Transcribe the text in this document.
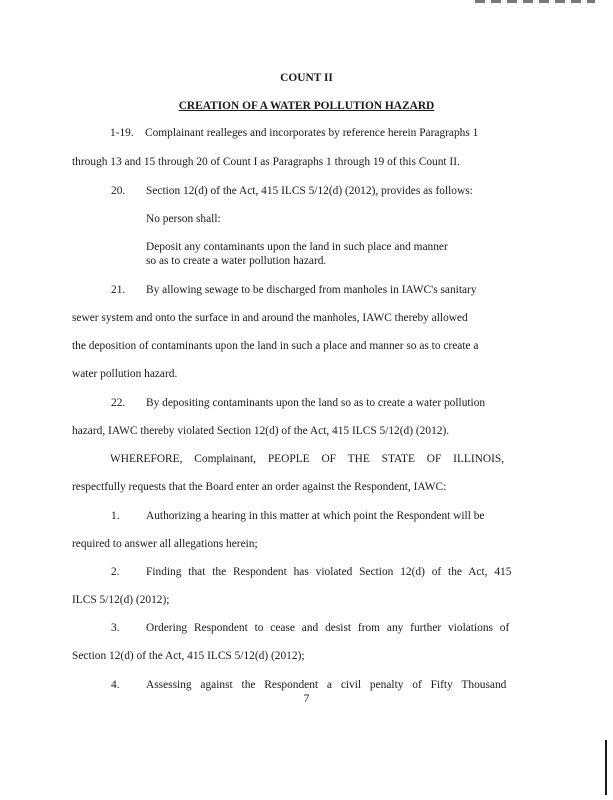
COUNT II
CREATION OF A WATER POLLUTION HAZARD
1-19. Complainant realleges and incorporates by reference herein Paragraphs 1
through 13 and 15 through 20 of Count I as Paragraphs 1 through 19 of this Count II.
20. Section 12(d) of the Act, 415 ILCS 5/12(d) (2012), provides as follows:
No person shall:
Deposit any contaminants upon the land in such place and manner
so as to create a water pollution hazard.
21. By allowing sewage to be discharged from manholes in IAWC's sanitary
sewer system and onto the surface in and around the manholes, IAWC thereby allowed
the deposition of contaminants upon the land in such a place and manner so as to create a
water pollution hazard.
22. By depositing contaminants upon the land so as to create a water pollution
hazard, IAWC thereby violated Section 12(d) of the Act, 415 ILCS 5/12(d) (2012).
WHEREFORE, Complainant, PEOPLE OF THE STATE OF ILLINOIS,
respectfully requests that the Board enter an order against the Respondent, IAWC:
1. Authorizing a hearing in this matter at which point the Respondent will be
required to answer all allegations herein;
2. Finding that the Respondent has violated Section 12(d) of the Act, 415
ILCS 5/12(d) (2012);
3. Ordering Respondent to cease and desist from any further violations of
Section 12(d) of the Act, 415 ILCS 5/12(d) (2012);
4. Assessing against the Respondent a civil penalty of Fifty Thousand
7
